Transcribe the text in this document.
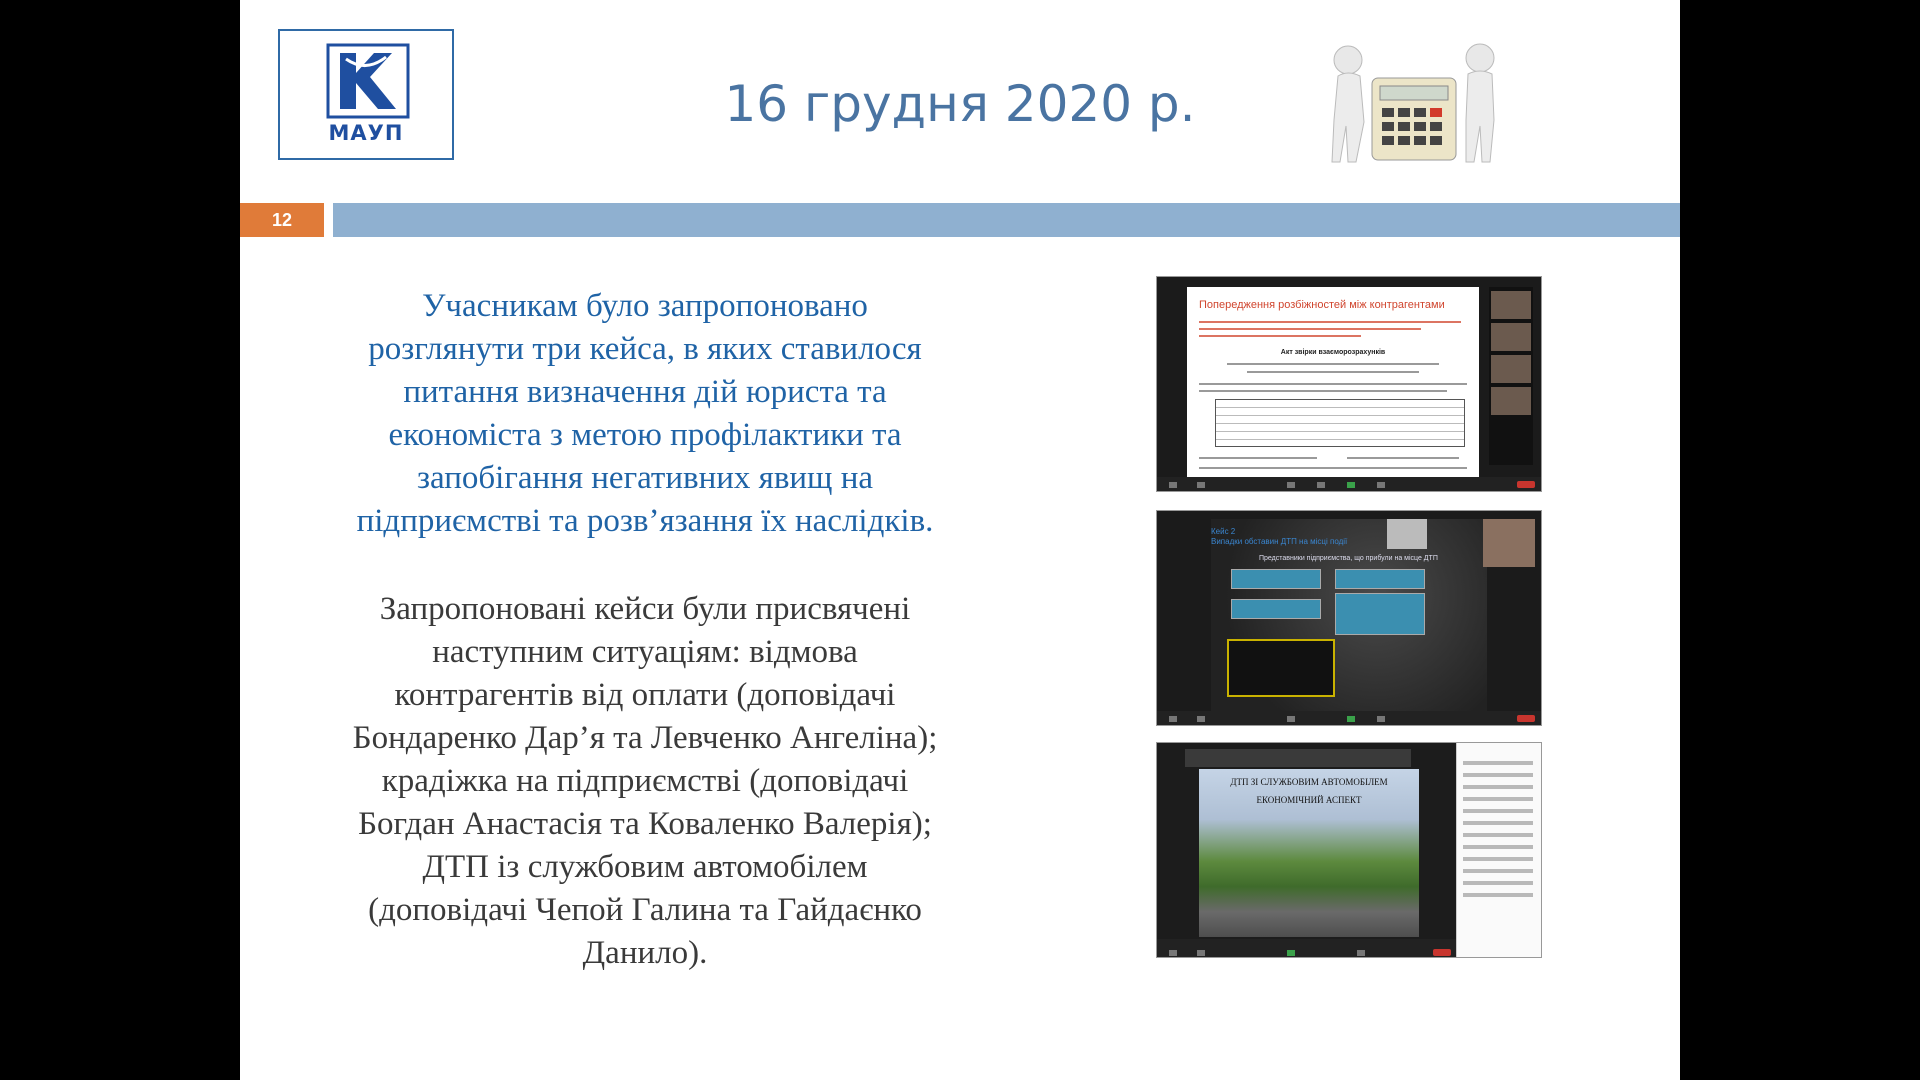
МАУП	16 грудня 2020 р.
12
Учасникам було запропоновано розглянути три кейса, в яких ставилося питання визначення дій юриста та економіста з метою профілактики та запобігання негативних явищ на підприємстві та розв’язання їх наслідків.
Запропоновані кейси були присвячені наступним ситуаціям: відмова контрагентів від оплати (доповідачі Бондаренко Дар’я та Левченко Ангеліна); крадіжка на підприємстві (доповідачі Богдан Анастасія та Коваленко Валерія); ДТП із службовим автомобілем (доповідачі Чепой Галина та Гайдаєнко Данило).
Попередження розбіжностей між контрагентами
Акт звірки взаєморозрахунків
Кейс 2
Випадки обставин ДТП на місці події
Представники підприємства, що прибули на місце ДТП
ДТП ЗІ СЛУЖБОВИМ АВТОМОБІЛЕМ
ЕКОНОМІЧНИЙ АСПЕКТ
